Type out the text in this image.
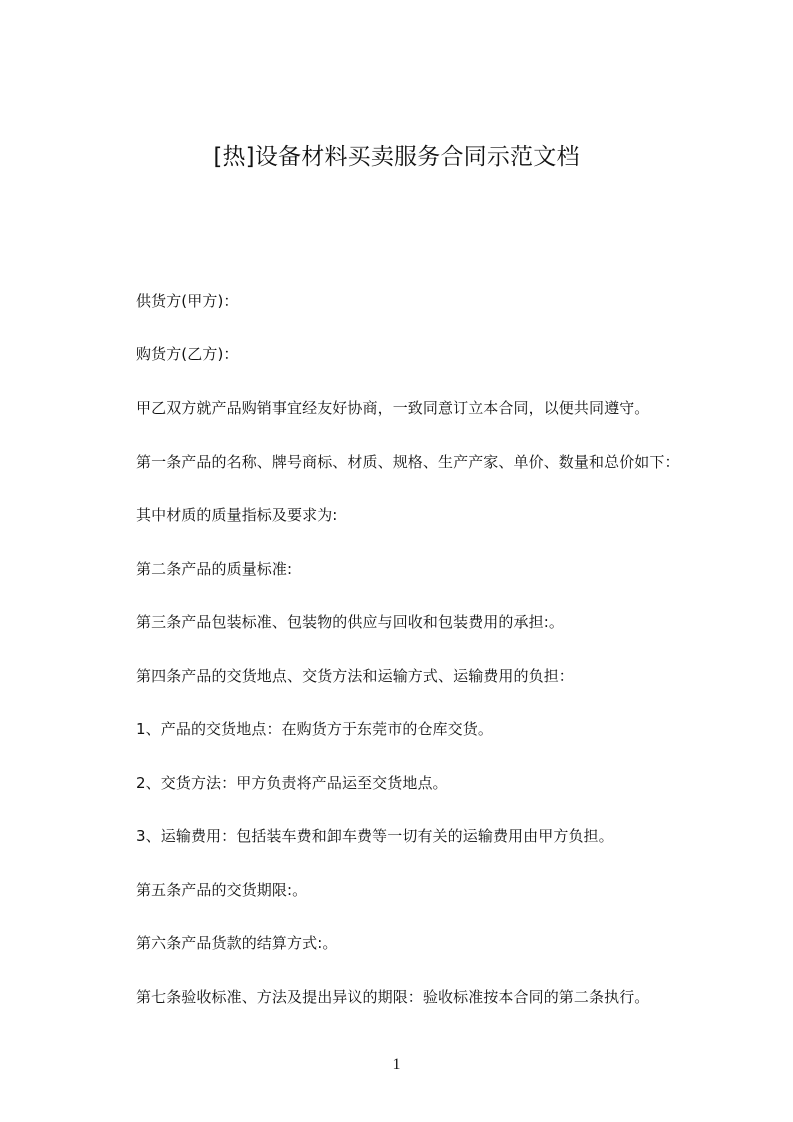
[热]设备材料买卖服务合同示范文档
供货方(甲方)：
购货方(乙方)：
甲乙双方就产品购销事宜经友好协商，一致同意订立本合同，以便共同遵守。
第一条产品的名称、牌号商标、材质、规格、生产产家、单价、数量和总价如下：
其中材质的质量指标及要求为:
第二条产品的质量标准:
第三条产品包装标准、包装物的供应与回收和包装费用的承担:。
第四条产品的交货地点、交货方法和运输方式、运输费用的负担：
1、产品的交货地点：在购货方于东莞市的仓库交货。
2、交货方法：甲方负责将产品运至交货地点。
3、运输费用：包括装车费和卸车费等一切有关的运输费用由甲方负担。
第五条产品的交货期限:。
第六条产品货款的结算方式:。
第七条验收标准、方法及提出异议的期限：验收标准按本合同的第二条执行。
1
